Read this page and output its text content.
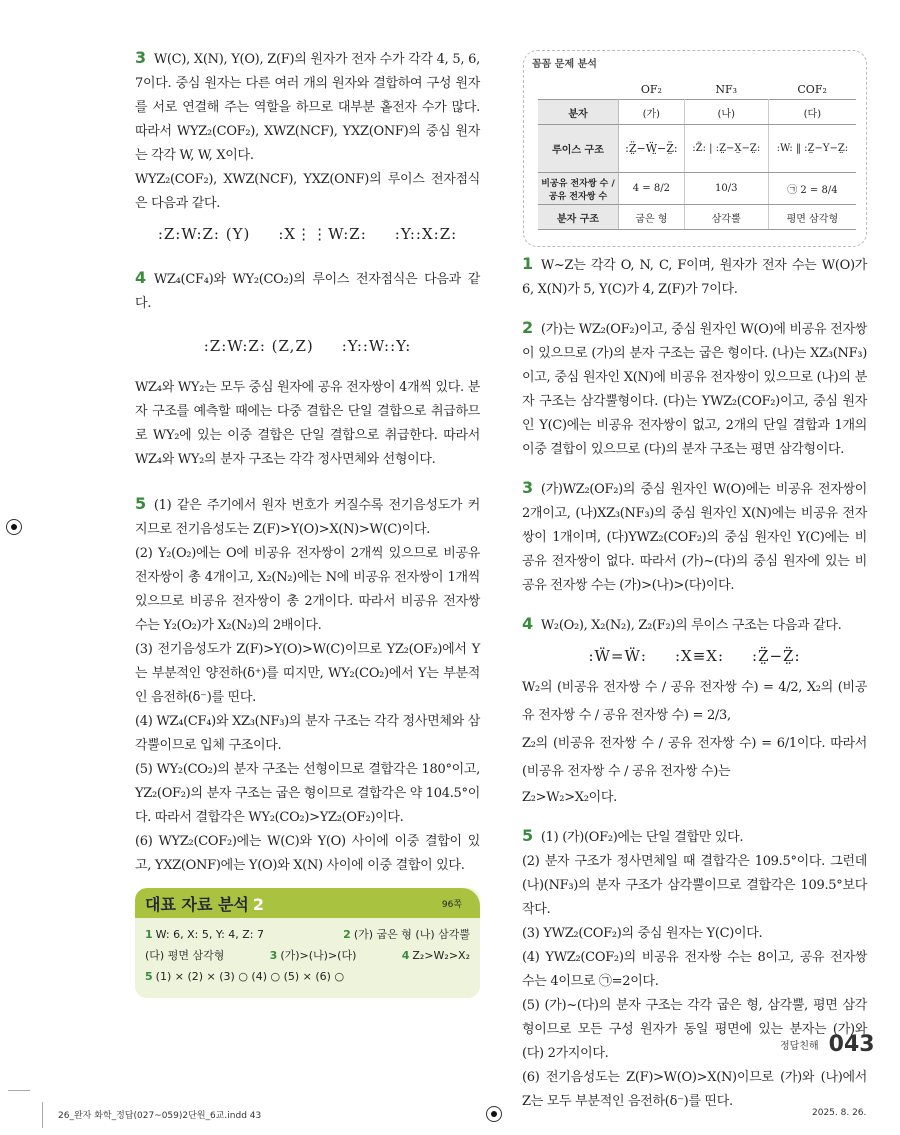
3 W(C), X(N), Y(O), Z(F)의 원자가 전자 수가 각각 4, 5, 6, 7이다. 중심 원자는 다른 여러 개의 원자와 결합하여 구성 원자를 서로 연결해 주는 역할을 하므로 대부분 홑전자 수가 많다. 따라서 WYZ₂(COF₂), XWZ(NCF), YXZ(ONF)의 중심 원자는 각각 W, W, X이다.

WYZ₂(COF₂), XWZ(NCF), YXZ(ONF)의 루이스 전자점식은 다음과 같다.

:Z:W:Z: (Y) :X⋮⋮W:Z: :Y::X:Z:

4 WZ₄(CF₄)와 WY₂(CO₂)의 루이스 전자점식은 다음과 같다.

:Z:W:Z: (Z,Z) :Y::W::Y:

WZ₄와 WY₂는 모두 중심 원자에 공유 전자쌍이 4개씩 있다. 분자 구조를 예측할 때에는 다중 결합은 단일 결합으로 취급하므로 WY₂에 있는 이중 결합은 단일 결합으로 취급한다. 따라서 WZ₄와 WY₂의 분자 구조는 각각 정사면체와 선형이다.

5 (1) 같은 주기에서 원자 번호가 커질수록 전기음성도가 커지므로 전기음성도는 Z(F)>Y(O)>X(N)>W(C)이다.

(2) Y₂(O₂)에는 O에 비공유 전자쌍이 2개씩 있으므로 비공유 전자쌍이 총 4개이고, X₂(N₂)에는 N에 비공유 전자쌍이 1개씩 있으므로 비공유 전자쌍이 총 2개이다. 따라서 비공유 전자쌍 수는 Y₂(O₂)가 X₂(N₂)의 2배이다.

(3) 전기음성도가 Z(F)>Y(O)>W(C)이므로 YZ₂(OF₂)에서 Y는 부분적인 양전하(δ⁺)를 띠지만, WY₂(CO₂)에서 Y는 부분적인 음전하(δ⁻)를 띤다.

(4) WZ₄(CF₄)와 XZ₃(NF₃)의 분자 구조는 각각 정사면체와 삼각뿔이므로 입체 구조이다.

(5) WY₂(CO₂)의 분자 구조는 선형이므로 결합각은 180°이고, YZ₂(OF₂)의 분자 구조는 굽은 형이므로 결합각은 약 104.5°이다. 따라서 결합각은 WY₂(CO₂)>YZ₂(OF₂)이다.

(6) WYZ₂(COF₂)에는 W(C)와 Y(O) 사이에 이중 결합이 있고, YXZ(ONF)에는 Y(O)와 X(N) 사이에 이중 결합이 있다.

대표 자료 분석 2	96쪽
1 W: 6, X: 5, Y: 4, Z: 7	2 (가) 굽은 형 (나) 삼각뿔
(다) 평면 삼각형	3 (가)>(나)>(다)	4 Z₂>W₂>X₂
5 (1) × (2) × (3) ○ (4) ○ (5) × (6) ○
꼼꼼 문제 분석
	OF₂	NF₃	COF₂
분자	(가)	(나)	(다)
루이스 구조	:Z̤̈−Ẅ̤−Z̤̈:	:Z̈: | :Z̤−X̤−Z̤:	:W: ‖ :Z̤−Y−Z̤:
비공유 전자쌍 수 / 공유 전자쌍 수	4 = 8/2	10/3	㉠ 2 = 8/4
분자 구조	굽은 형	삼각뿔	평면 삼각형

1 W~Z는 각각 O, N, C, F이며, 원자가 전자 수는 W(O)가 6, X(N)가 5, Y(C)가 4, Z(F)가 7이다.

2 (가)는 WZ₂(OF₂)이고, 중심 원자인 W(O)에 비공유 전자쌍이 있으므로 (가)의 분자 구조는 굽은 형이다. (나)는 XZ₃(NF₃)이고, 중심 원자인 X(N)에 비공유 전자쌍이 있으므로 (나)의 분자 구조는 삼각뿔형이다. (다)는 YWZ₂(COF₂)이고, 중심 원자인 Y(C)에는 비공유 전자쌍이 없고, 2개의 단일 결합과 1개의 이중 결합이 있으므로 (다)의 분자 구조는 평면 삼각형이다.

3 (가)WZ₂(OF₂)의 중심 원자인 W(O)에는 비공유 전자쌍이 2개이고, (나)XZ₃(NF₃)의 중심 원자인 X(N)에는 비공유 전자쌍이 1개이며, (다)YWZ₂(COF₂)의 중심 원자인 Y(C)에는 비공유 전자쌍이 없다. 따라서 (가)~(다)의 중심 원자에 있는 비공유 전자쌍 수는 (가)>(나)>(다)이다.

4 W₂(O₂), X₂(N₂), Z₂(F₂)의 루이스 구조는 다음과 같다.

:Ẅ=Ẅ: :X≡X: :Z̤̈−Z̤̈:

W₂의 (비공유 전자쌍 수 / 공유 전자쌍 수) = 4/2, X₂의 (비공유 전자쌍 수 / 공유 전자쌍 수) = 2/3,

Z₂의 (비공유 전자쌍 수 / 공유 전자쌍 수) = 6/1이다. 따라서 (비공유 전자쌍 수 / 공유 전자쌍 수)는

Z₂>W₂>X₂이다.

5 (1) (가)(OF₂)에는 단일 결합만 있다.

(2) 분자 구조가 정사면체일 때 결합각은 109.5°이다. 그런데 (나)(NF₃)의 분자 구조가 삼각뿔이므로 결합각은 109.5°보다 작다.

(3) YWZ₂(COF₂)의 중심 원자는 Y(C)이다.

(4) YWZ₂(COF₂)의 비공유 전자쌍 수는 8이고, 공유 전자쌍 수는 4이므로 ㉠=2이다.

(5) (가)~(다)의 분자 구조는 각각 굽은 형, 삼각뿔, 평면 삼각형이므로 모든 구성 원자가 동일 평면에 있는 분자는 (가)와 (다) 2가지이다.

(6) 전기음성도는 Z(F)>W(O)>X(N)이므로 (가)와 (나)에서 Z는 모두 부분적인 음전하(δ⁻)를 띤다.

정답친해 043
26_완자 화학_정답(027~059)2단원_6교.indd 43	2025. 8. 26.
